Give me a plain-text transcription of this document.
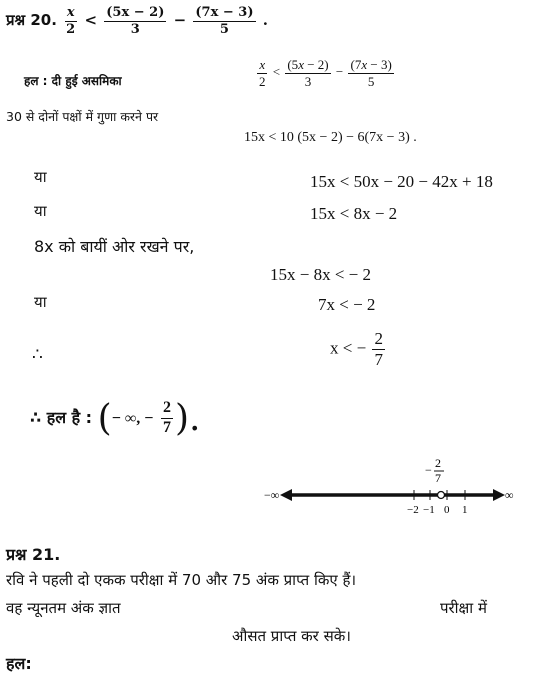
प्रश्न 20. $\frac{x}{2} < \frac{(5x - 2)}{3} - \frac{(7x - 3)}{5}$ .
हल : दी हुई असमिका	$\frac{x}{2} < \frac{(5x - 2)}{3} - \frac{(7x - 3)}{5}$
30 से दोनों पक्षों में गुणा करने पर
15x < 10 (5x − 2) − 6(7x − 3) .
या	15x < 50x − 20 − 42x + 18
या	15x < 8x − 2
8x को बायीं ओर रखने पर,
15x − 8x < − 2
या	7x < − 2
∴	x < − $\frac{2}{7}$
∴ हल है : (− ∞, − $\frac{2}{7}$ ).
− 2
7
−∞	∞
−2 −1 0 1
प्रश्न 21.
रवि ने पहली दो एकक परीक्षा में 70 और 75 अंक प्राप्त किए हैं।
वह न्यूनतम अंक ज्ञात	परीक्षा में
औसत प्राप्त कर सके।
हल:
